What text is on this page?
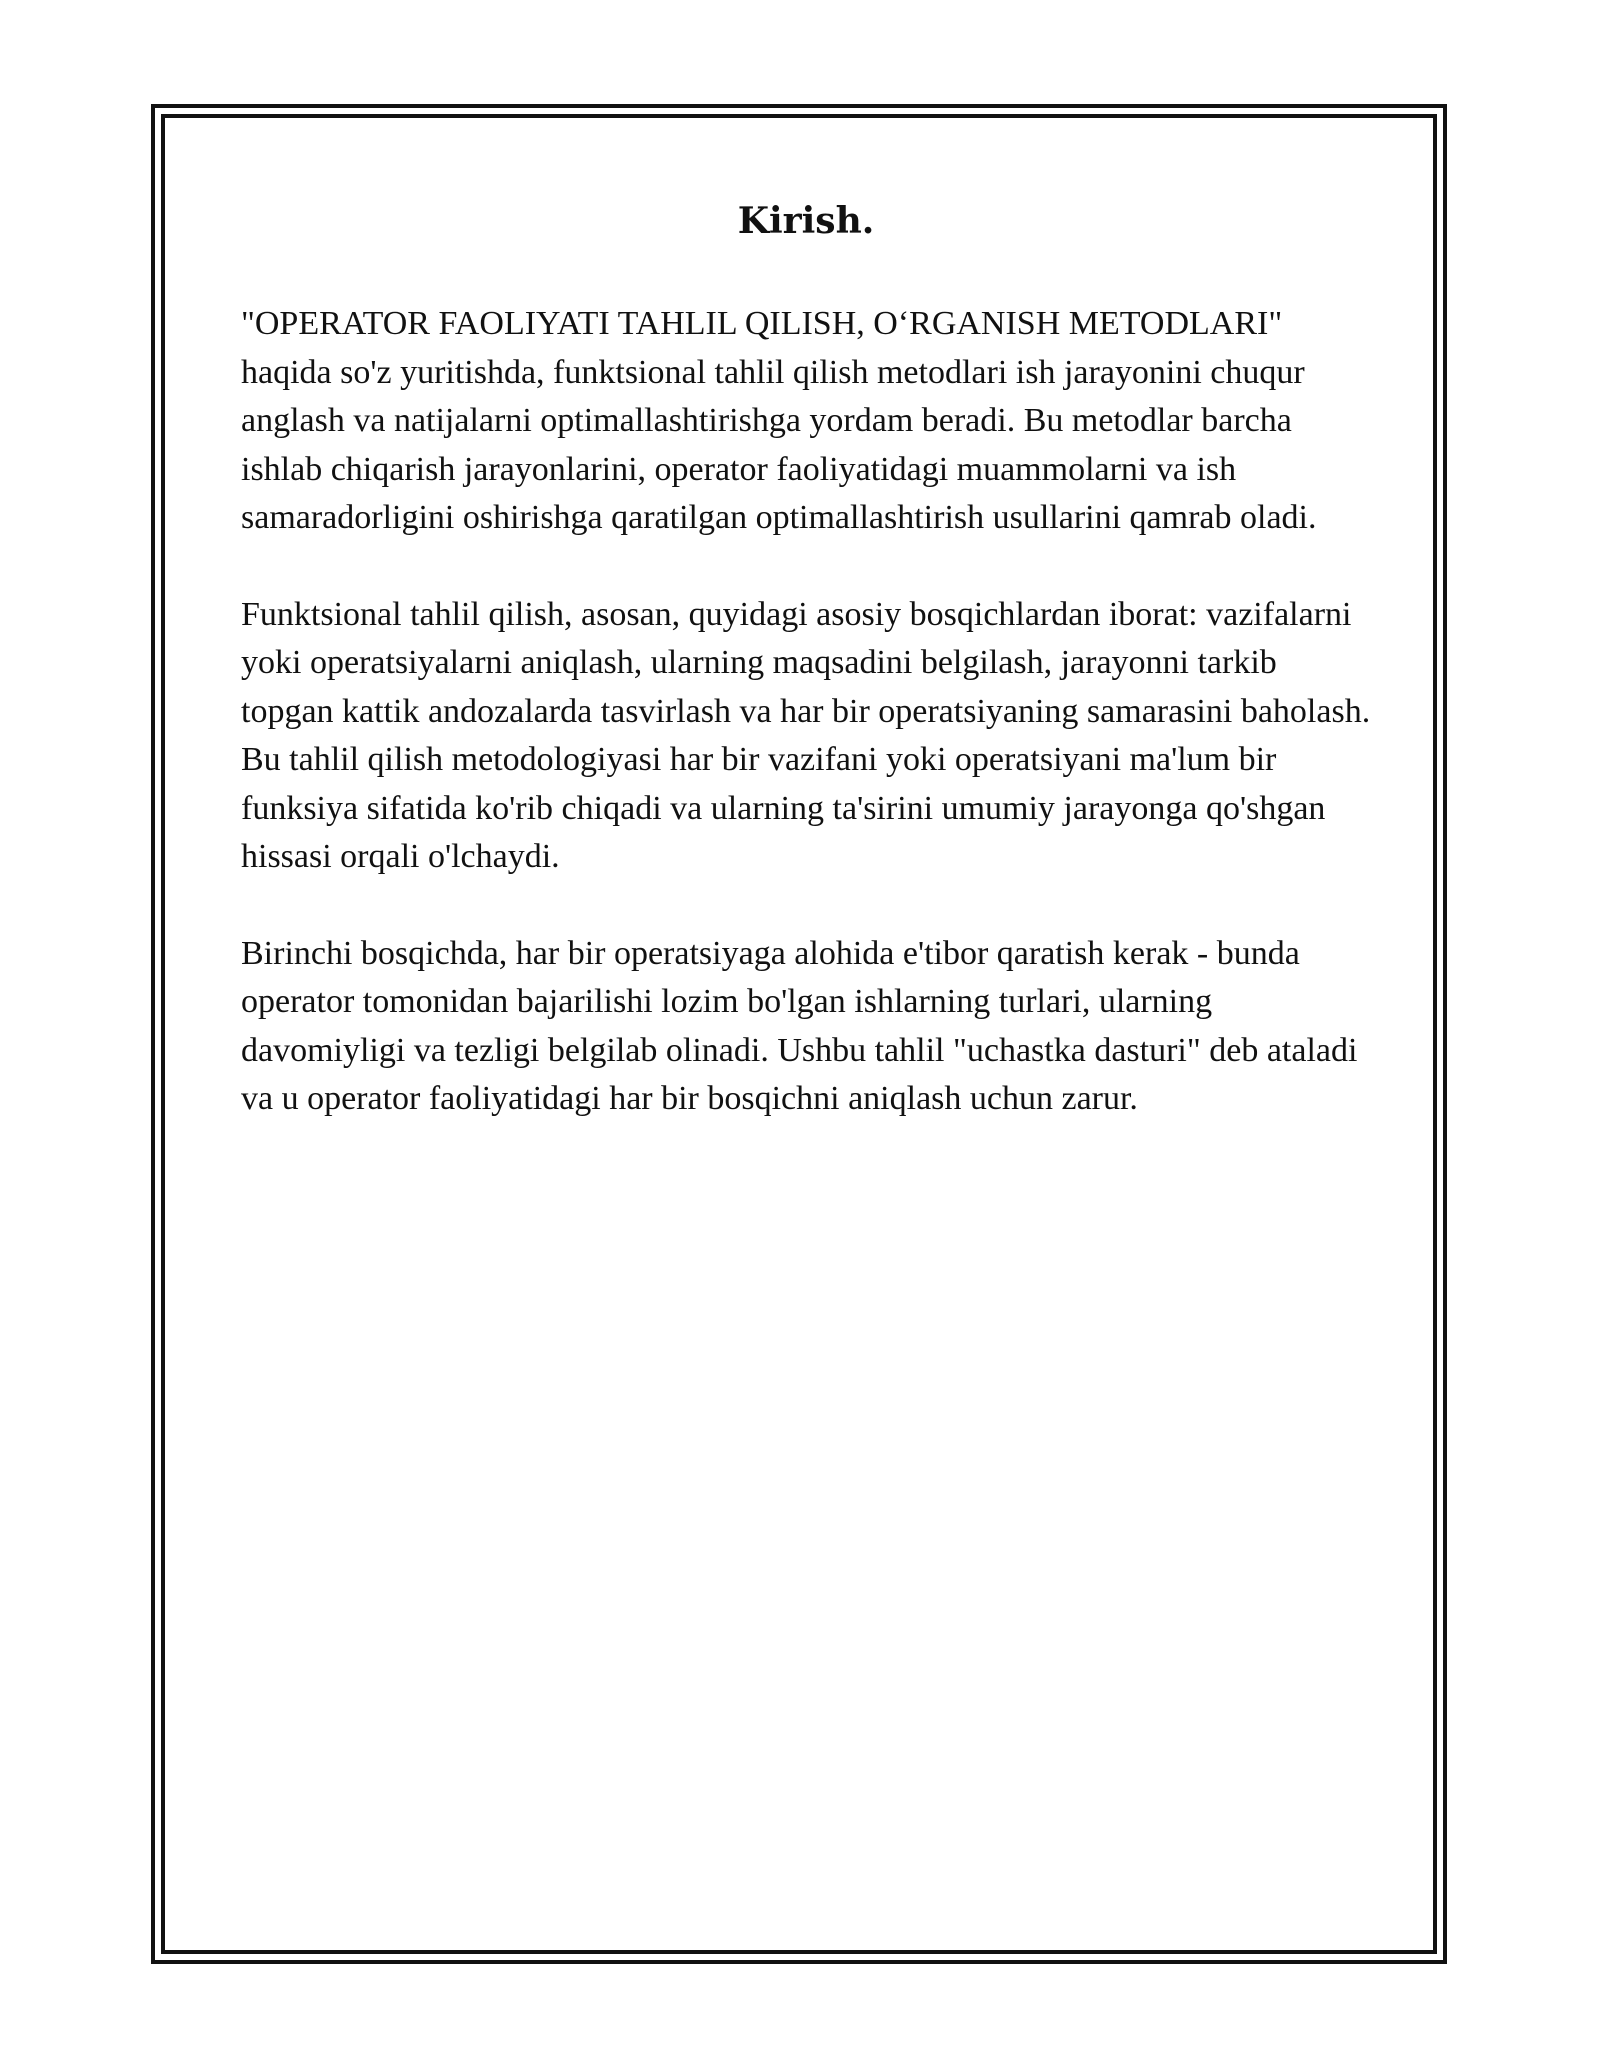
Kirish.

"OPERATOR FAOLIYATI TAHLIL QILISH, O‘RGANISH METODLARI" haqida so'z yuritishda, funktsional tahlil qilish metodlari ish jarayonini chuqur anglash va natijalarni optimallashtirishga yordam beradi. Bu metodlar barcha ishlab chiqarish jarayonlarini, operator faoliyatidagi muammolarni va ish samaradorligini oshirishga qaratilgan optimallashtirish usullarini qamrab oladi.

Funktsional tahlil qilish, asosan, quyidagi asosiy bosqichlardan iborat: vazifalarni yoki operatsiyalarni aniqlash, ularning maqsadini belgilash, jarayonni tarkib topgan kattik andozalarda tasvirlash va har bir operatsiyaning samarasini baholash. Bu tahlil qilish metodologiyasi har bir vazifani yoki operatsiyani ma'lum bir funksiya sifatida ko'rib chiqadi va ularning ta'sirini umumiy jarayonga qo'shgan hissasi orqali o'lchaydi.

Birinchi bosqichda, har bir operatsiyaga alohida e'tibor qaratish kerak - bunda operator tomonidan bajarilishi lozim bo'lgan ishlarning turlari, ularning davomiyligi va tezligi belgilab olinadi. Ushbu tahlil "uchastka dasturi" deb ataladi va u operator faoliyatidagi har bir bosqichni aniqlash uchun zarur.
